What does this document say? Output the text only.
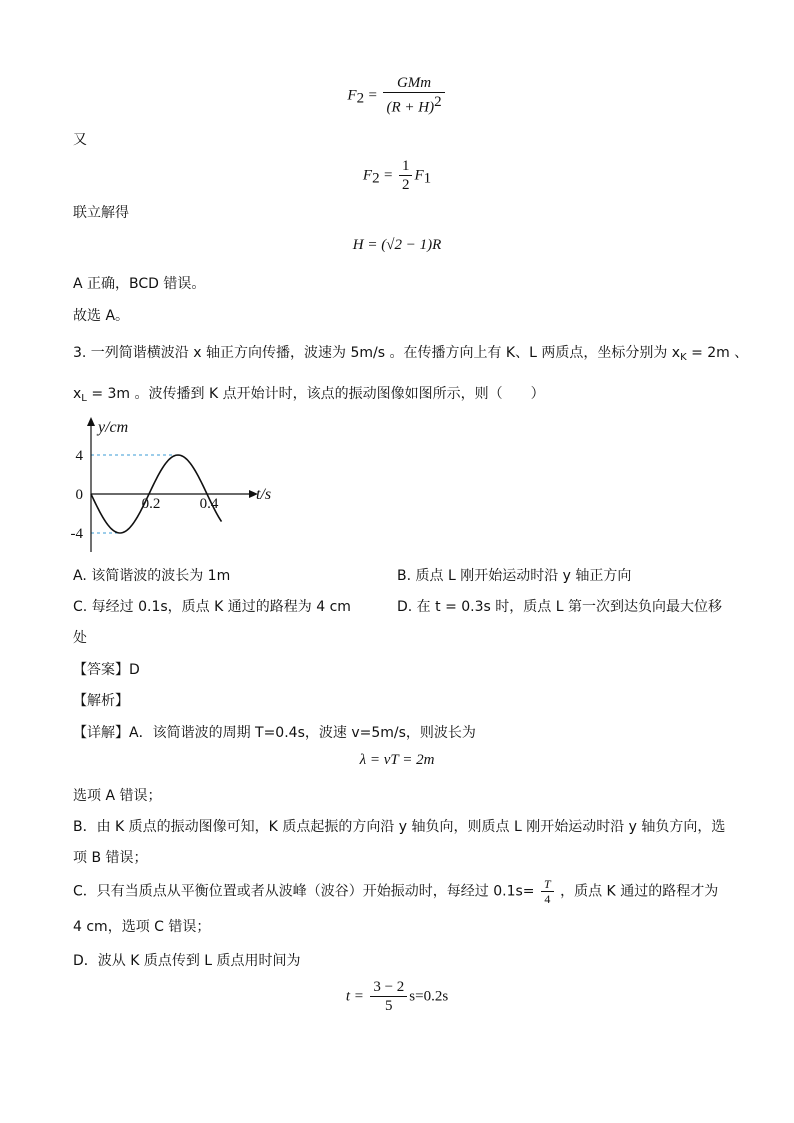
$F_2 = \frac{\text{GMm}}{(R + H)^2}$
又
$F_2 = \frac{1}{2} F_1$
联立解得
H = (√2 − 1)R
A 正确，BCD 错误。
故选 A。
3. 一列简谐横波沿 x 轴正方向传播，波速为 5m/s 。在传播方向上有 K、L 两质点，坐标分别为 $x_K = 2m$ 、
$x_L = 3m$ 。波传播到 K 点开始计时，该点的振动图像如图所示，则（　　）
4
0
-4
0.2	0.4
y/cm
t/s
A. 该简谐波的波长为 1m	B. 质点 L 刚开始运动时沿 y 轴正方向
C. 每经过 0.1s，质点 K 通过的路程为 4 cm	D. 在 t = 0.3s 时，质点 L 第一次到达负向最大位移
处
【答案】D
【解析】
【详解】A．该简谐波的周期 T=0.4s，波速 v=5m/s，则波长为
λ = vT = 2m
选项 A 错误；
B．由 K 质点的振动图像可知，K 质点起振的方向沿 y 轴负向，则质点 L 刚开始运动时沿 y 轴负方向，选
项 B 错误；
C．只有当质点从平衡位置或者从波峰（波谷）开始振动时，每经过 $0.1s= \frac{T}{4}$ ，质点 K 通过的路程才为
4 cm，选项 C 错误；
D．波从 K 质点传到 L 质点用时间为
$t = \frac{3 - 2}{5} s=0.2s$
